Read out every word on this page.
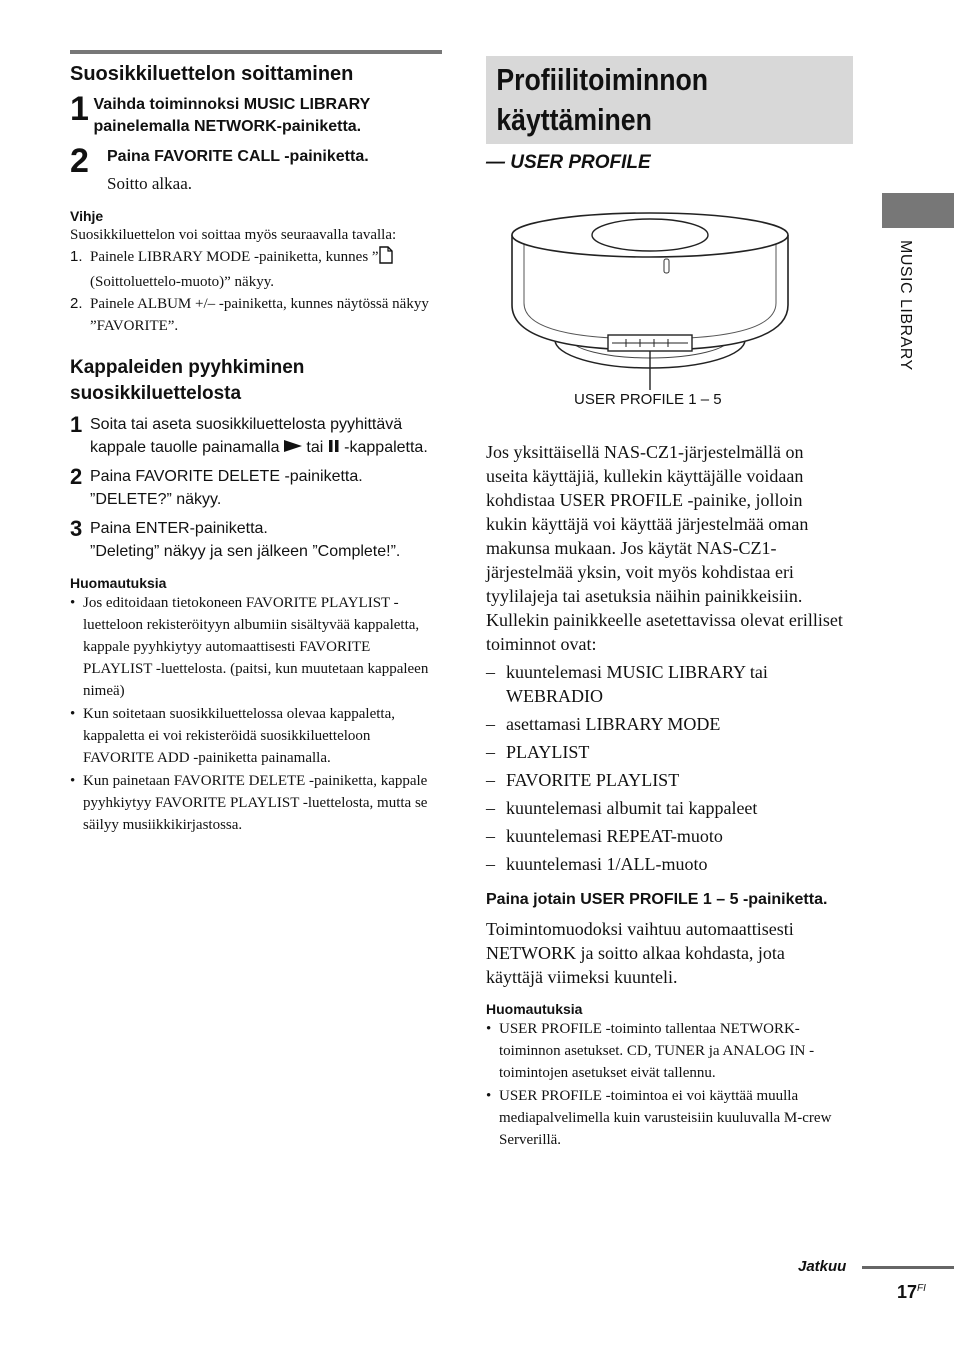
Suosikkiluettelon soittaminen
1 Vaihda toiminnoksi MUSIC LIBRARY painelemalla NETWORK-painiketta.
2	Paina FAVORITE CALL -painiketta.
Soitto alkaa.
Vihje
Suosikkiluettelon voi soittaa myös seuraavalla tavalla:
1. Painele LIBRARY MODE -painiketta, kunnes ” (Soittoluettelo-muoto)” näkyy.
2. Painele ALBUM +/– -painiketta, kunnes näytössä näkyy ”FAVORITE”.
Kappaleiden pyyhkiminen suosikkiluettelosta
1 Soita tai aseta suosikkiluettelosta pyyhittävä kappale tauolle painamalla  tai  -kappaletta.
2 Paina FAVORITE DELETE -painiketta.
”DELETE?” näkyy.
3 Paina ENTER-painiketta.
”Deleting” näkyy ja sen jälkeen ”Complete!”.
Huomautuksia
• Jos editoidaan tietokoneen FAVORITE PLAYLIST -luetteloon rekisteröityyn albumiin sisältyvää kappaletta, kappale pyyhkiytyy automaattisesti FAVORITE PLAYLIST -luettelosta. (paitsi, kun muutetaan kappaleen nimeä)
• Kun soitetaan suosikkiluettelossa olevaa kappaletta, kappaletta ei voi rekisteröidä suosikkiluetteloon FAVORITE ADD -painiketta painamalla.
• Kun painetaan FAVORITE DELETE -painiketta, kappale pyyhkiytyy FAVORITE PLAYLIST -luettelosta, mutta se säilyy musiikkikirjastossa.
Profiilitoiminnon
käyttäminen
— USER PROFILE
USER PROFILE 1 – 5
Jos yksittäisellä NAS-CZ1-järjestelmällä on useita käyttäjiä, kullekin käyttäjälle voidaan kohdistaa USER PROFILE -painike, jolloin kukin käyttäjä voi käyttää järjestelmää oman makunsa mukaan. Jos käytät NAS-CZ1-järjestelmää yksin, voit myös kohdistaa eri tyylilajeja tai asetuksia näihin painikkeisiin. Kullekin painikkeelle asetettavissa olevat erilliset toiminnot ovat:
– kuuntelemasi MUSIC LIBRARY tai WEBRADIO
– asettamasi LIBRARY MODE
– PLAYLIST
– FAVORITE PLAYLIST
– kuuntelemasi albumit tai kappaleet
– kuuntelemasi REPEAT-muoto
– kuuntelemasi 1/ALL-muoto
Paina jotain USER PROFILE 1 – 5 -painiketta.
Toimintomuodoksi vaihtuu automaattisesti NETWORK ja soitto alkaa kohdasta, jota käyttäjä viimeksi kuunteli.
Huomautuksia
• USER PROFILE -toiminto tallentaa NETWORK-toiminnon asetukset. CD, TUNER ja ANALOG IN -toimintojen asetukset eivät tallennu.
• USER PROFILE -toimintoa ei voi käyttää muulla mediapalvelimella kuin varusteisiin kuuluvalla M-crew Serverillä.
MUSIC LIBRARY
Jatkuu
$17^{FI}$
